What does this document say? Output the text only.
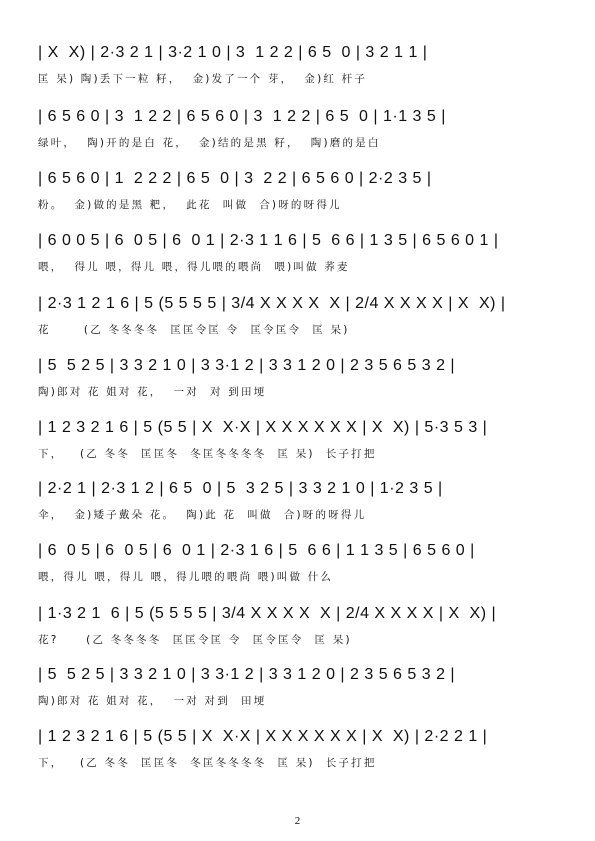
| X  X) | 2·3 2 1 | 3·2 1 0 | 3  1 2 2 | 6 5  0 | 3 2 1 1 |
匡 呆) 陶)丢下一粒 籽，  金)发了一个 芽，  金)红 杆子
| 6 5 6 0 | 3  1 2 2 | 6 5 6 0 | 3  1 2 2 | 6 5  0 | 1·1 3 5 |
绿叶，  陶)开的是白 花，  金)结的是黑 籽，  陶)磨的是白
| 6 5 6 0 | 1  2 2 2 | 6 5  0 | 3  2 2 | 6 5 6 0 | 2·2 3 5 |
粉。  金)做的是黑 粑，  此花  叫做  合)呀的呀得儿
| 6 0 0 5 | 6  0 5 | 6  0 1 | 2·3 1 1 6 | 5  6 6 | 1 3 5 | 6 5 6 0 1 |
喂，  得儿 喂，得儿 喂，得儿喂的喂尚  喂)叫做 荞麦
| 2·3 1 2 1 6 | 5 (5 5 5 5 | 3/4 X X X X  X | 2/4 X X X X | X  X) |
花      (乙 冬冬冬冬  匡匡令匡 令  匡令匡令  匡 呆)
| 5  5 2 5 | 3 3 2 1 0 | 3 3·1 2 | 3 3 1 2 0 | 2 3 5 6 5 3 2 |
陶)郎对 花 姐对 花，  一对  对 到田埂
| 1 2 3 2 1 6 | 5 (5 5 | X  X·X | X X X X X X | X  X) | 5·3 5 3 |
下，   (乙 冬冬  匡匡冬  冬匡冬冬冬冬  匡 呆)  长子打把
| 2·2 1 | 2·3 1 2 | 6 5  0 | 5  3 2 5 | 3 3 2 1 0 | 1·2 3 5 |
伞，  金)矮子戴朵 花。  陶)此 花  叫做  合)呀的呀得儿
| 6  0 5 | 6  0 5 | 6  0 1 | 2·3 1 6 | 5  6 6 | 1 1 3 5 | 6 5 6 0 |
喂，得儿 喂，得儿 喂，得儿喂的喂尚 喂)叫做 什么
| 1·3 2 1  6 | 5 (5 5 5 5 | 3/4 X X X X  X | 2/4 X X X X | X  X) |
花?     (乙 冬冬冬冬  匡匡令匡 令  匡令匡令  匡 呆)
| 5  5 2 5 | 3 3 2 1 0 | 3 3·1 2 | 3 3 1 2 0 | 2 3 5 6 5 3 2 |
陶)郎对 花 姐对 花，  一对 对到  田埂
| 1 2 3 2 1 6 | 5 (5 5 | X  X·X | X X X X X X | X  X) | 2·2 2 1 |
下，   (乙 冬冬  匡匡冬  冬匡冬冬冬冬  匡 呆)  长子打把
2
